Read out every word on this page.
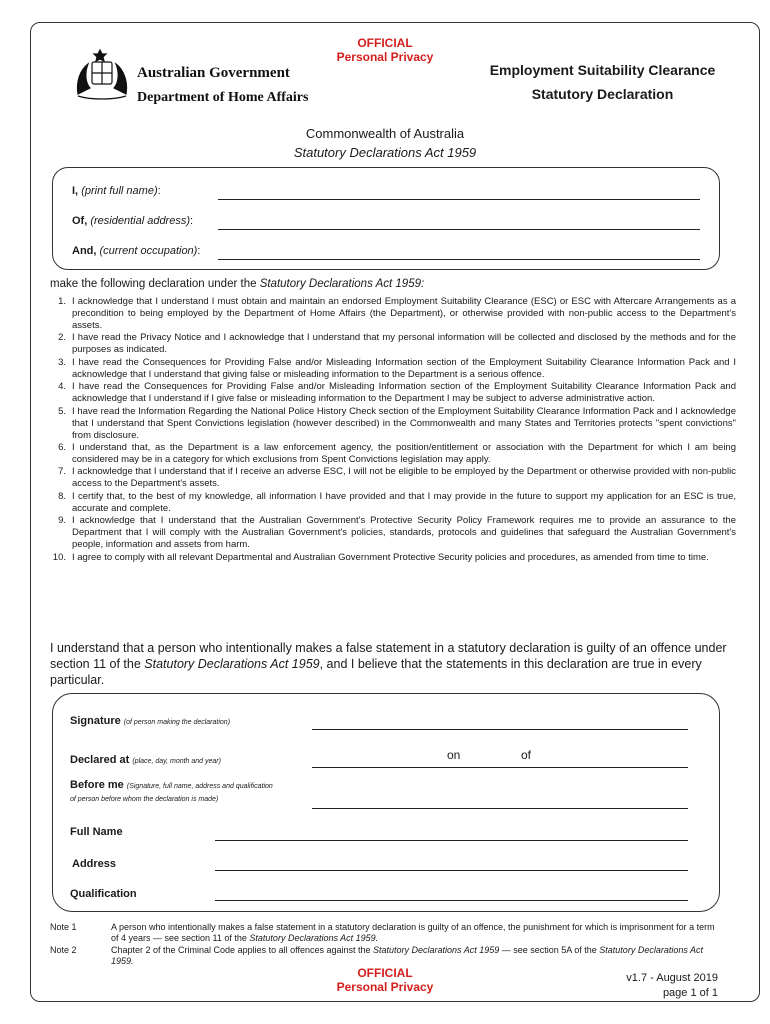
OFFICIAL
Personal Privacy
Australian Government
Department of Home Affairs
Employment Suitability Clearance
Statutory Declaration
Commonwealth of Australia
Statutory Declarations Act 1959
I, (print full name):
Of, (residential address):
And, (current occupation):
make the following declaration under the Statutory Declarations Act 1959:
1. I acknowledge that I understand I must obtain and maintain an endorsed Employment Suitability Clearance (ESC) or ESC with Aftercare Arrangements as a precondition to being employed by the Department of Home Affairs (the Department), or otherwise provided with non-public access to the Department's assets.
2. I have read the Privacy Notice and I acknowledge that I understand that my personal information will be collected and disclosed by the methods and for the purposes as indicated.
3. I have read the Consequences for Providing False and/or Misleading Information section of the Employment Suitability Clearance Information Pack and I acknowledge that I understand that giving false or misleading information to the Department is a serious offence.
4. I have read the Consequences for Providing False and/or Misleading Information section of the Employment Suitability Clearance Information Pack and acknowledge that I understand if I give false or misleading information to the Department I may be subject to adverse administrative action.
5. I have read the Information Regarding the National Police History Check section of the Employment Suitability Clearance Information Pack and I acknowledge that I understand that Spent Convictions legislation (however described) in the Commonwealth and many States and Territories protects "spent convictions" from disclosure.
6. I understand that, as the Department is a law enforcement agency, the position/entitlement or association with the Department for which I am being considered may be in a category for which exclusions from Spent Convictions legislation may apply.
7. I acknowledge that I understand that if I receive an adverse ESC, I will not be eligible to be employed by the Department or otherwise provided with non-public access to the Department's assets.
8. I certify that, to the best of my knowledge, all information I have provided and that I may provide in the future to support my application for an ESC is true, accurate and complete.
9. I acknowledge that I understand that the Australian Government's Protective Security Policy Framework requires me to provide an assurance to the Department that I will comply with the Australian Government's policies, standards, protocols and guidelines that safeguard the Australian Government's people, information and assets from harm.
10. I agree to comply with all relevant Departmental and Australian Government Protective Security policies and procedures, as amended from time to time.
I understand that a person who intentionally makes a false statement in a statutory declaration is guilty of an offence under section 11 of the Statutory Declarations Act 1959, and I believe that the statements in this declaration are true in every particular.
Signature (of person making the declaration)
Declared at (place, day, month and year)	on	of
Before me (Signature, full name, address and qualification
of person before whom the declaration is made)
Full Name
Address
Qualification
Note 1	A person who intentionally makes a false statement in a statutory declaration is guilty of an offence, the punishment for which is imprisonment for a term of 4 years — see section 11 of the Statutory Declarations Act 1959.
Note 2	Chapter 2 of the Criminal Code applies to all offences against the Statutory Declarations Act 1959 — see section 5A of the Statutory Declarations Act 1959.
OFFICIAL
Personal Privacy
v1.7 - August 2019
page 1 of 1
